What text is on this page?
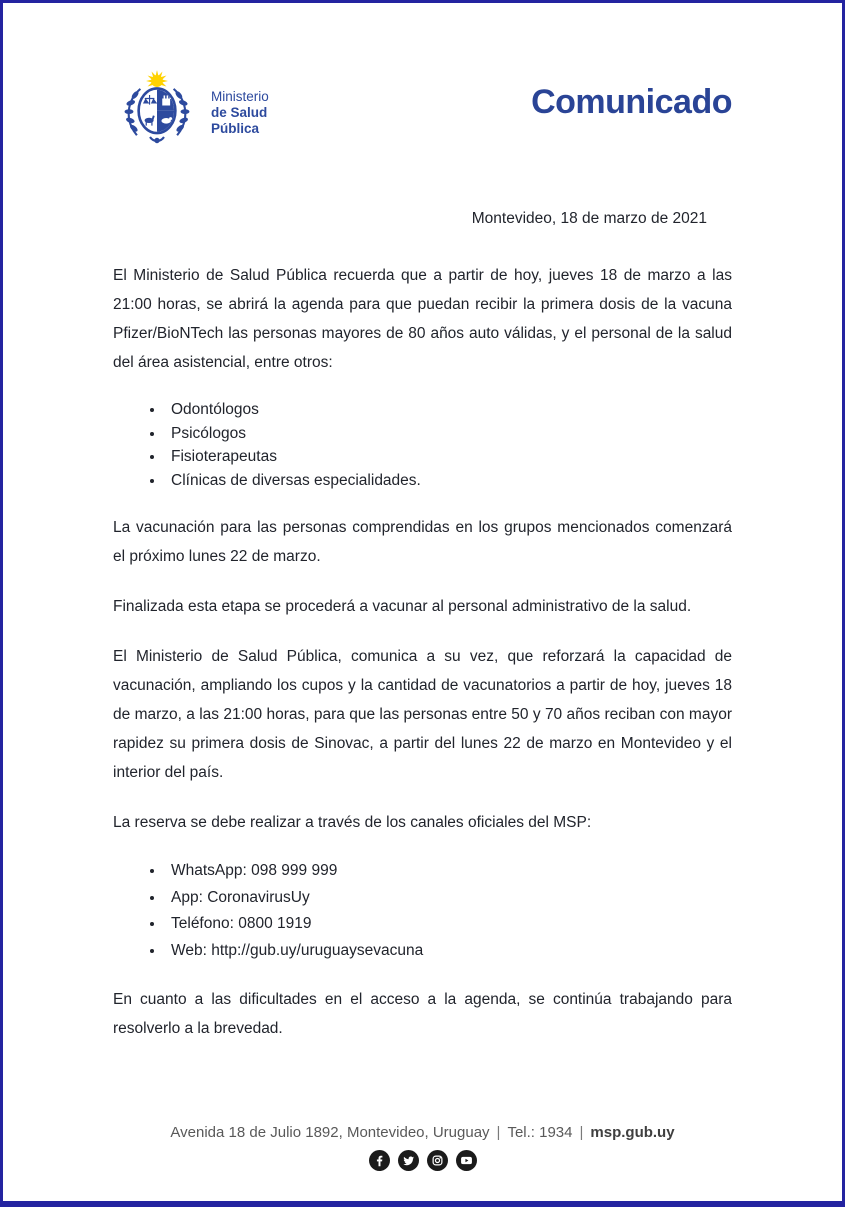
Ministerio
de Salud
Pública
Comunicado

Montevideo, 18 de marzo de 2021

El Ministerio de Salud Pública recuerda que a partir de hoy, jueves 18 de marzo a las 21:00 horas, se abrirá la agenda para que puedan recibir la primera dosis de la vacuna Pfizer/BioNTech las personas mayores de 80 años auto válidas, y el personal de la salud del área asistencial, entre otros:

• Odontólogos
• Psicólogos
• Fisioterapeutas
• Clínicas de diversas especialidades.

La vacunación para las personas comprendidas en los grupos mencionados comenzará el próximo lunes 22 de marzo.

Finalizada esta etapa se procederá a vacunar al personal administrativo de la salud.

El Ministerio de Salud Pública, comunica a su vez, que reforzará la capacidad de vacunación, ampliando los cupos y la cantidad de vacunatorios a partir de hoy, jueves 18 de marzo, a las 21:00 horas, para que las personas entre 50 y 70 años reciban con mayor rapidez su primera dosis de Sinovac, a partir del lunes 22 de marzo en Montevideo y el interior del país.

La reserva se debe realizar a través de los canales oficiales del MSP:

• WhatsApp: 098 999 999
• App: CoronavirusUy
• Teléfono: 0800 1919
• Web: http://gub.uy/uruguaysevacuna

En cuanto a las dificultades en el acceso a la agenda, se continúa trabajando para resolverlo a la brevedad.

Avenida 18 de Julio 1892, Montevideo, Uruguay | Tel.: 1934 | msp.gub.uy
